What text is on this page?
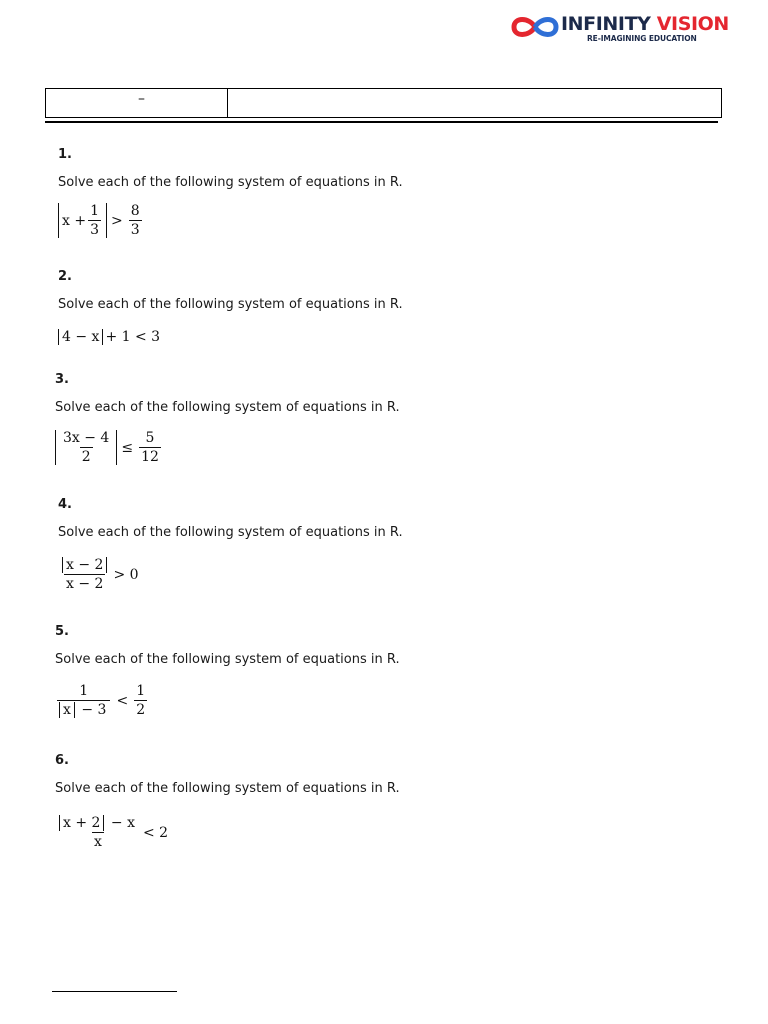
INFINITY VISION
RE-IMAGINING EDUCATION
–
1.
Solve each of the following system of equations in R.
$x + \frac{1}{3} > \frac{8}{3}$
2.
Solve each of the following system of equations in R.
4 − x + 1 < 3
3.
Solve each of the following system of equations in R.
$\frac{3x - 4}{2} \le \frac{5}{12}$
4.
Solve each of the following system of equations in R.
$\frac{x - 2}{x - 2} > 0$
5.
Solve each of the following system of equations in R.
$\frac{1}{x - 3} < \frac{1}{2}$
6.
Solve each of the following system of equations in R.
$\frac{x + 2 - x}{x} < 2$
